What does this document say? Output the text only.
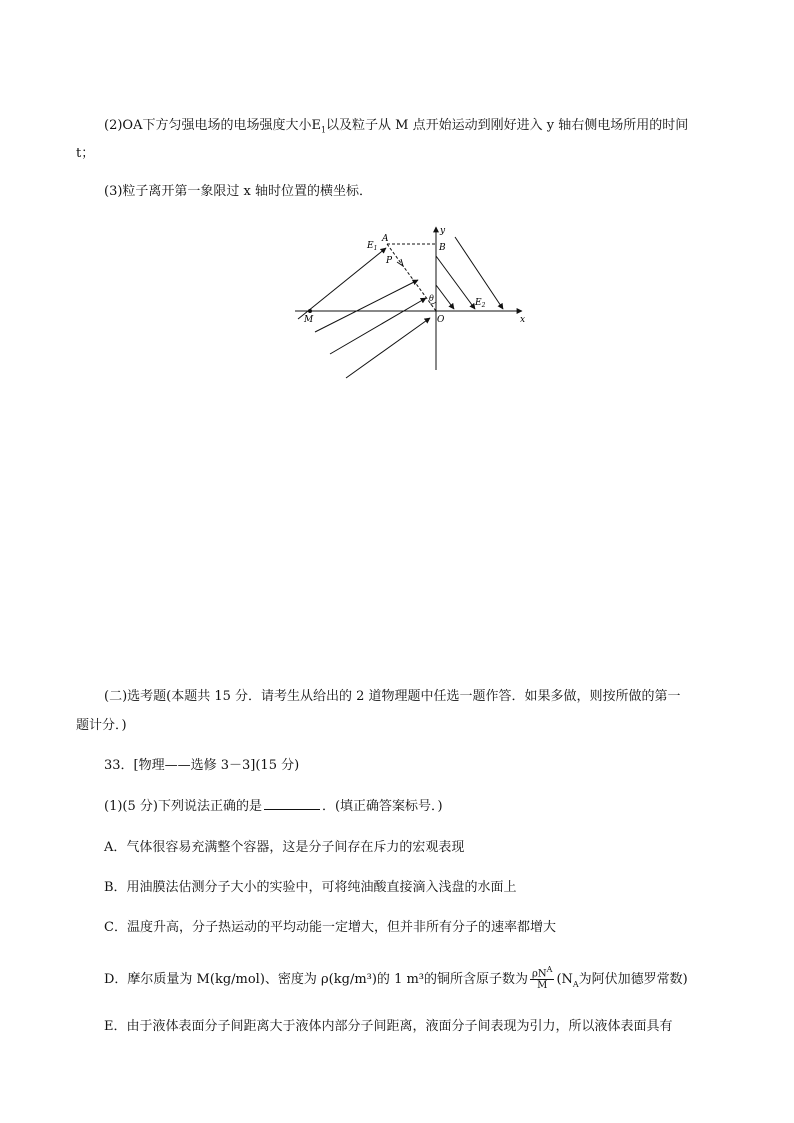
(2)OA下方匀强电场的电场强度大小$E_1$以及粒子从 M 点开始运动到刚好进入 y 轴右侧电场所用的时间
t；
(3)粒子离开第一象限过 x 轴时位置的横坐标．
y
x
A
B
$E_1$
$E_2$
P
θ
M	O
(二)选考题(本题共 15 分．请考生从给出的 2 道物理题中任选一题作答．如果多做，则按所做的第一
题计分．)
33．[物理——选修 3－3](15 分)
(1)(5 分)下列说法正确的是	．(填正确答案标号．)
A．气体很容易充满整个容器，这是分子间存在斥力的宏观表现
B．用油膜法估测分子大小的实验中，可将纯油酸直接滴入浅盘的水面上
C．温度升高，分子热运动的平均动能一定增大，但并非所有分子的速率都增大
D．摩尔质量为 M(kg/mol)、密度为 ρ(kg/m³)的 1 m³的铜所含原子数为 $\frac{\rho N^A}{M} (N_A$为阿伏加德罗常数)
E．由于液体表面分子间距离大于液体内部分子间距离，液面分子间表现为引力，所以液体表面具有
